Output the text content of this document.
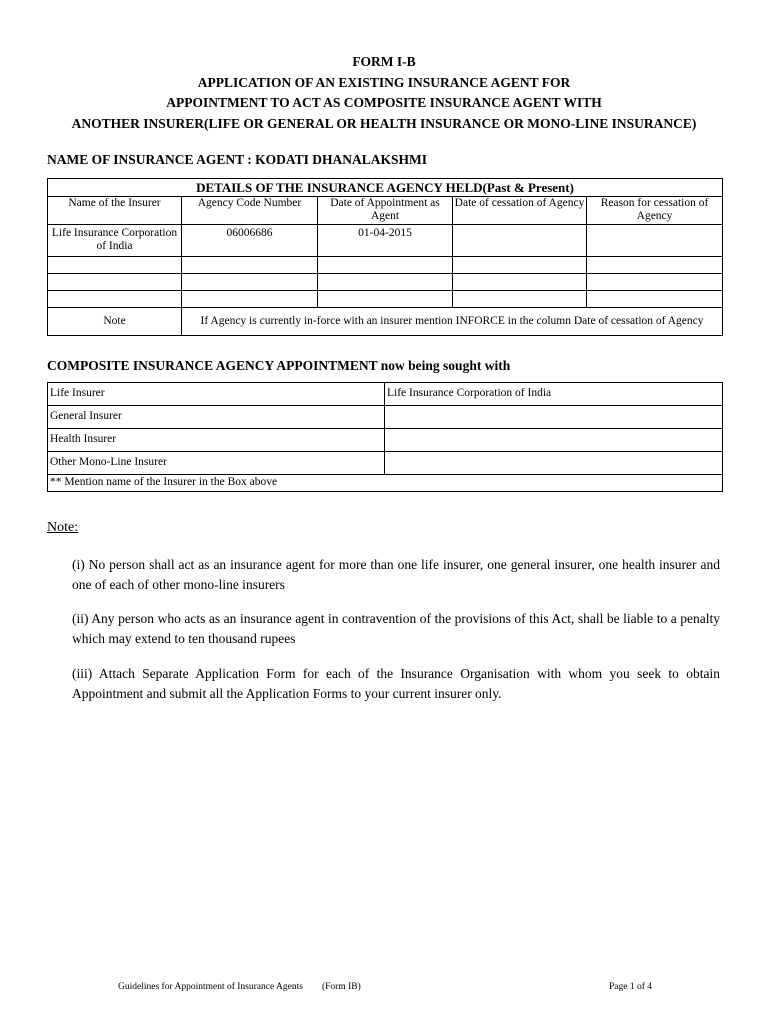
FORM I-B
APPLICATION OF AN EXISTING INSURANCE AGENT FOR
APPOINTMENT TO ACT AS COMPOSITE INSURANCE AGENT WITH
ANOTHER INSURER(LIFE OR GENERAL OR HEALTH INSURANCE OR MONO-LINE INSURANCE)
NAME OF INSURANCE AGENT : KODATI DHANALAKSHMI
DETAILS OF THE INSURANCE AGENCY HELD(Past & Present)				
Name of the Insurer	Agency Code Number	Date of Appointment as Agent	Date of cessation of Agency	Reason for cessation of Agency
Life Insurance Corporation of India	06006686	01-04-2015		

Note	If Agency is currently in-force with an insurer mention INFORCE in the column Date of cessation of Agency			
COMPOSITE INSURANCE AGENCY APPOINTMENT now being sought with
Life Insurer	Life Insurance Corporation of India
General Insurer	
Health Insurer	
Other Mono-Line Insurer	
** Mention name of the Insurer in the Box above	
Note:
(i) No person shall act as an insurance agent for more than one life insurer, one general insurer, one health insurer and one of each of other mono-line insurers
(ii) Any person who acts as an insurance agent in contravention of the provisions of this Act, shall be liable to a penalty which may extend to ten thousand rupees
(iii) Attach Separate Application Form for each of the Insurance Organisation with whom you seek to obtain Appointment and submit all the Application Forms to your current insurer only.
Guidelines for Appointment of Insurance Agents        (Form IB)	Page 1 of 4
